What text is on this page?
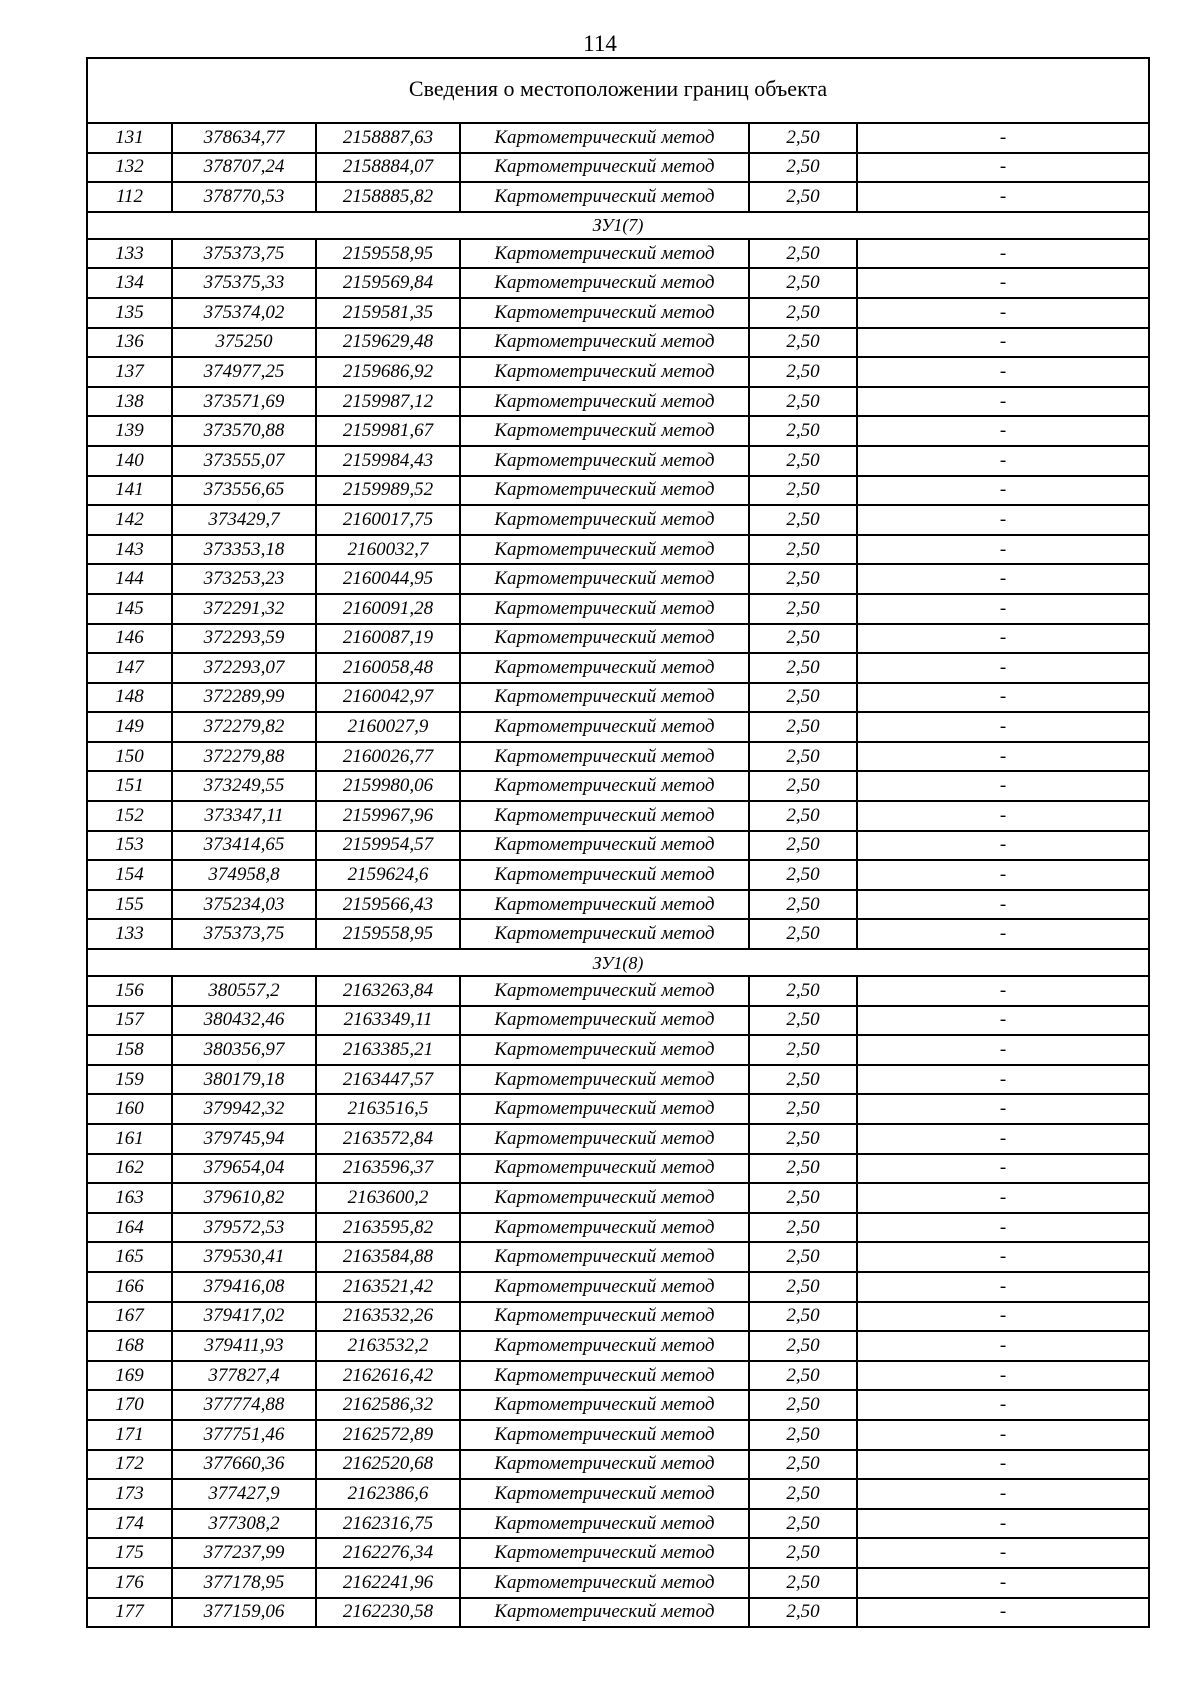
114
Сведения о местоположении границ объекта					
131	378634,77	2158887,63	Картометрический метод	2,50	-
132	378707,24	2158884,07	Картометрический метод	2,50	-
112	378770,53	2158885,82	Картометрический метод	2,50	-
ЗУ1(7)					
133	375373,75	2159558,95	Картометрический метод	2,50	-
134	375375,33	2159569,84	Картометрический метод	2,50	-
135	375374,02	2159581,35	Картометрический метод	2,50	-
136	375250	2159629,48	Картометрический метод	2,50	-
137	374977,25	2159686,92	Картометрический метод	2,50	-
138	373571,69	2159987,12	Картометрический метод	2,50	-
139	373570,88	2159981,67	Картометрический метод	2,50	-
140	373555,07	2159984,43	Картометрический метод	2,50	-
141	373556,65	2159989,52	Картометрический метод	2,50	-
142	373429,7	2160017,75	Картометрический метод	2,50	-
143	373353,18	2160032,7	Картометрический метод	2,50	-
144	373253,23	2160044,95	Картометрический метод	2,50	-
145	372291,32	2160091,28	Картометрический метод	2,50	-
146	372293,59	2160087,19	Картометрический метод	2,50	-
147	372293,07	2160058,48	Картометрический метод	2,50	-
148	372289,99	2160042,97	Картометрический метод	2,50	-
149	372279,82	2160027,9	Картометрический метод	2,50	-
150	372279,88	2160026,77	Картометрический метод	2,50	-
151	373249,55	2159980,06	Картометрический метод	2,50	-
152	373347,11	2159967,96	Картометрический метод	2,50	-
153	373414,65	2159954,57	Картометрический метод	2,50	-
154	374958,8	2159624,6	Картометрический метод	2,50	-
155	375234,03	2159566,43	Картометрический метод	2,50	-
133	375373,75	2159558,95	Картометрический метод	2,50	-
ЗУ1(8)					
156	380557,2	2163263,84	Картометрический метод	2,50	-
157	380432,46	2163349,11	Картометрический метод	2,50	-
158	380356,97	2163385,21	Картометрический метод	2,50	-
159	380179,18	2163447,57	Картометрический метод	2,50	-
160	379942,32	2163516,5	Картометрический метод	2,50	-
161	379745,94	2163572,84	Картометрический метод	2,50	-
162	379654,04	2163596,37	Картометрический метод	2,50	-
163	379610,82	2163600,2	Картометрический метод	2,50	-
164	379572,53	2163595,82	Картометрический метод	2,50	-
165	379530,41	2163584,88	Картометрический метод	2,50	-
166	379416,08	2163521,42	Картометрический метод	2,50	-
167	379417,02	2163532,26	Картометрический метод	2,50	-
168	379411,93	2163532,2	Картометрический метод	2,50	-
169	377827,4	2162616,42	Картометрический метод	2,50	-
170	377774,88	2162586,32	Картометрический метод	2,50	-
171	377751,46	2162572,89	Картометрический метод	2,50	-
172	377660,36	2162520,68	Картометрический метод	2,50	-
173	377427,9	2162386,6	Картометрический метод	2,50	-
174	377308,2	2162316,75	Картометрический метод	2,50	-
175	377237,99	2162276,34	Картометрический метод	2,50	-
176	377178,95	2162241,96	Картометрический метод	2,50	-
177	377159,06	2162230,58	Картометрический метод	2,50	-
